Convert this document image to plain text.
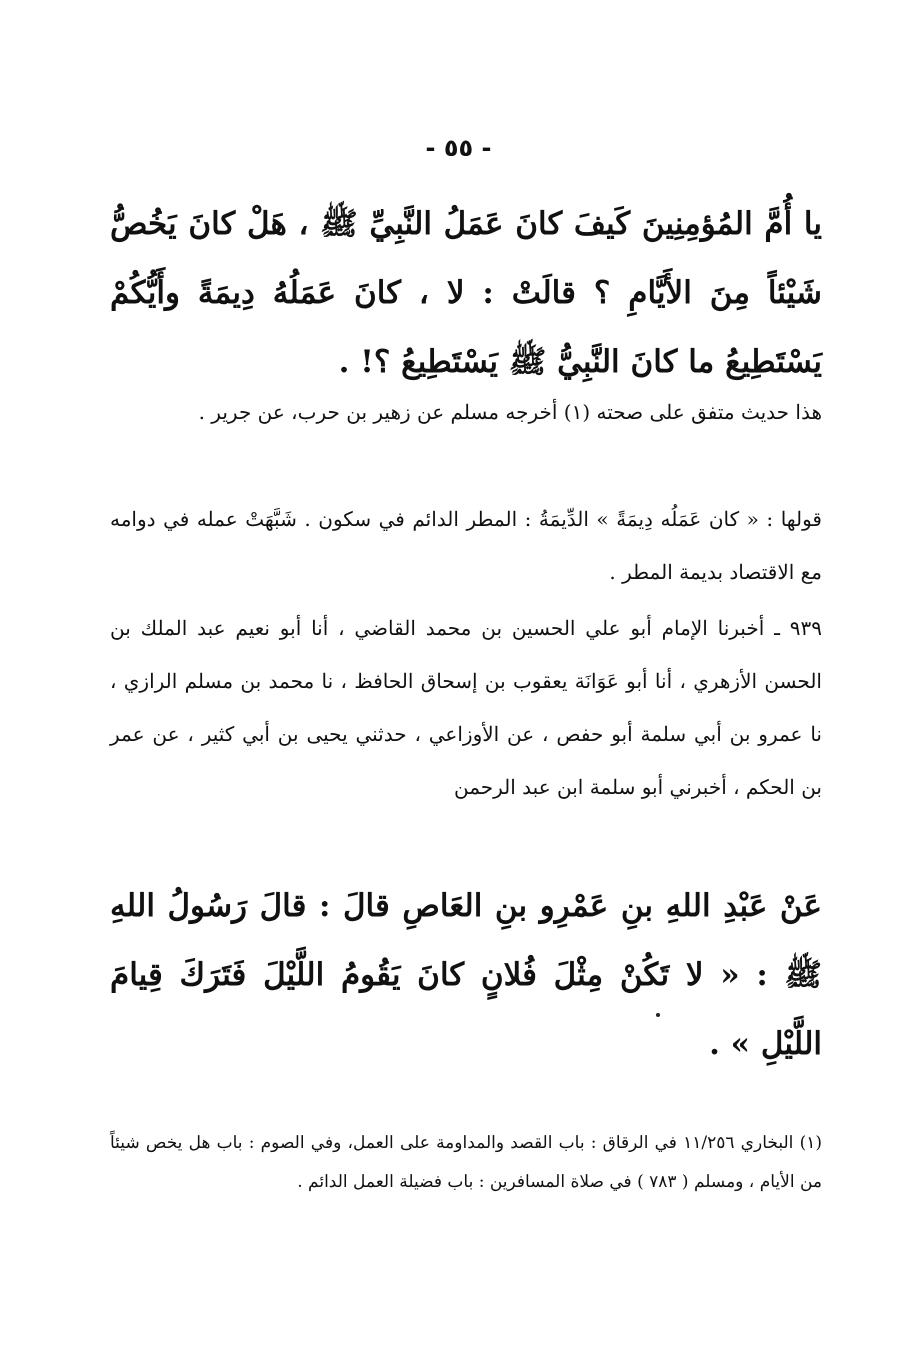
- ٥٥ -
يا أُمَّ المُؤمِنِينَ كَيفَ كانَ عَمَلُ النَّبِيِّ ﷺ ، هَلْ كانَ يَخُصُّ شَيْئاً مِنَ الأَيَّامِ ؟ قالَتْ : لا ، كانَ عَمَلُهُ دِيمَةً وأَيُّكُمْ يَسْتَطِيعُ ما كانَ النَّبِيُّ ﷺ يَسْتَطِيعُ ؟! .
هذا حديث متفق على صحته (١) أخرجه مسلم عن زهير بن حرب، عن جرير .
قولها : « كان عَمَلُه دِيمَةً » الدِّيمَةُ : المطر الدائم في سكون . شَبَّهَتْ عمله في دوامه مع الاقتصاد بديمة المطر .
٩٣٩ ـ أخبرنا الإمام أبو علي الحسين بن محمد القاضي ، أنا أبو نعيم عبد الملك بن الحسن الأزهري ، أنا أبو عَوَانَة يعقوب بن إسحاق الحافظ ، نا محمد بن مسلم الرازي ، نا عمرو بن أبي سلمة أبو حفص ، عن الأوزاعي ، حدثني يحيى بن أبي كثير ، عن عمر بن الحكم ، أخبرني أبو سلمة ابن عبد الرحمن
عَنْ عَبْدِ اللهِ بنِ عَمْرِو بنِ العَاصِ قالَ : قالَ رَسُولُ اللهِ ﷺ : « لا تَكُنْ مِثْلَ فُلانٍ كانَ يَقُومُ اللَّيْلَ فَتَرَكَ قِيامَ اللَّيْلِ » .
(١) البخاري ١١/٢٥٦ في الرقاق : باب القصد والمداومة على العمل، وفي الصوم : باب هل يخص شيئاً من الأيام ، ومسلم ( ٧٨٣ ) في صلاة المسافرين : باب فضيلة العمل الدائم .
